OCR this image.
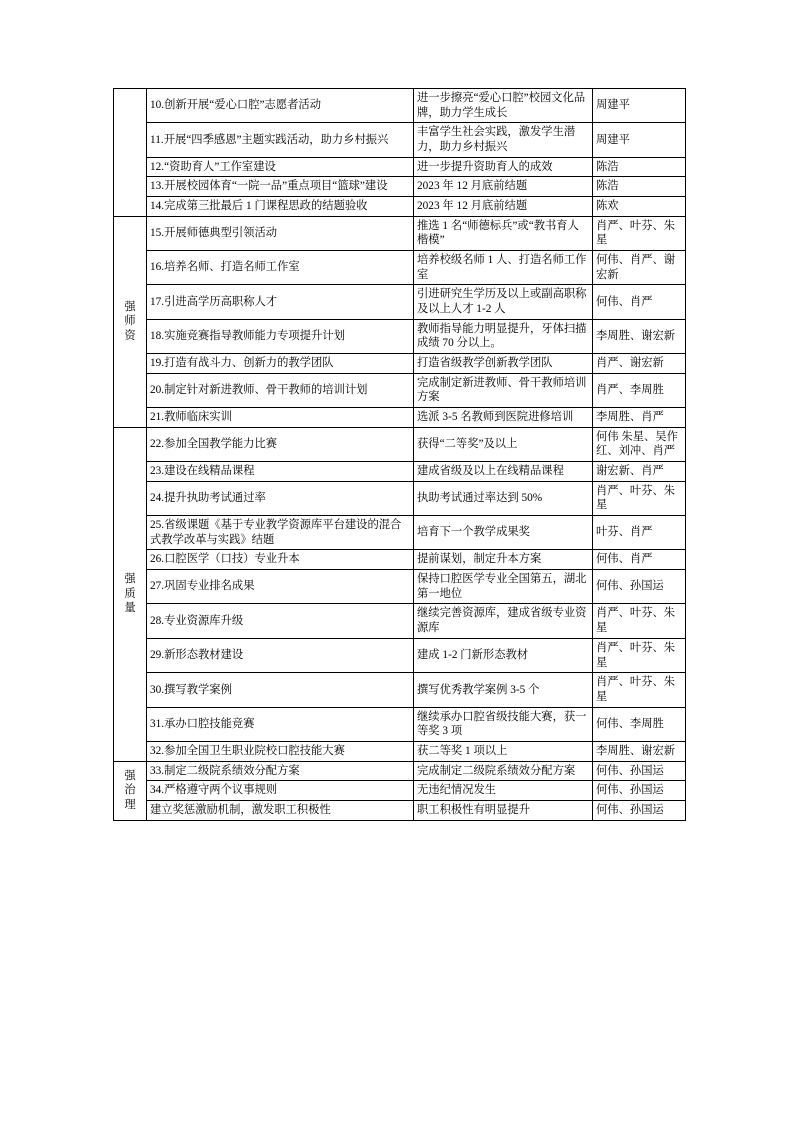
	10.创新开展“爱心口腔”志愿者活动	进一步擦亮“爱心口腔”校园文化品牌，助力学生成长	周建平
	11.开展“四季感恩”主题实践活动，助力乡村振兴	丰富学生社会实践，激发学生潜力，助力乡村振兴	周建平
	12.“资助育人”工作室建设	进一步提升资助育人的成效	陈浩
	13.开展校园体育“一院一品”重点项目“篮球”建设	2023 年 12 月底前结题	陈浩
	14.完成第三批最后 1 门课程思政的结题验收	2023 年 12 月底前结题	陈欢

强
师
资	15.开展师德典型引领活动	推选 1 名“师德标兵”或“教书育人楷模”	肖严、叶芬、朱星
	16.培养名师、打造名师工作室	培养校级名师 1 人、打造名师工作室	何伟、肖严、谢宏新
	17.引进高学历高职称人才	引进研究生学历及以上或副高职称及以上人才 1-2 人	何伟、肖严
	18.实施竞赛指导教师能力专项提升计划	教师指导能力明显提升，牙体扫描成绩 70 分以上。	李周胜、谢宏新
	19.打造有战斗力、创新力的教学团队	打造省级教学创新教学团队	肖严、谢宏新
	20.制定针对新进教师、骨干教师的培训计划	完成制定新进教师、骨干教师培训方案	肖严、李周胜
	21.教师临床实训	选派 3-5 名教师到医院进修培训	李周胜、肖严

强
质
量	22.参加全国教学能力比赛	获得“二等奖”及以上	何伟 朱星、吴作红、刘冲、肖严
	23.建设在线精品课程	建成省级及以上在线精品课程	谢宏新、肖严
	24.提升执助考试通过率	执助考试通过率达到 50%	肖严、叶芬、朱星
	25.省级课题《基于专业教学资源库平台建设的混合式教学改革与实践》结题	培育下一个教学成果奖	叶芬、肖严
	26.口腔医学（口技）专业升本	提前谋划，制定升本方案	何伟、肖严
	27.巩固专业排名成果	保持口腔医学专业全国第五，湖北第一地位	何伟、孙国运
	28.专业资源库升级	继续完善资源库，建成省级专业资源库	肖严、叶芬、朱星
	29.新形态教材建设	建成 1-2 门新形态教材	肖严、叶芬、朱星
	30.撰写教学案例	撰写优秀教学案例 3-5 个	肖严、叶芬、朱星
	31.承办口腔技能竞赛	继续承办口腔省级技能大赛，获一等奖 3 项	何伟、李周胜
	32.参加全国卫生职业院校口腔技能大赛	获二等奖 1 项以上	李周胜、谢宏新

强
治
理	33.制定二级院系绩效分配方案	完成制定二级院系绩效分配方案	何伟、孙国运
	34.严格遵守两个议事规则	无违纪情况发生	何伟、孙国运
	建立奖惩激励机制，激发职工积极性	职工积极性有明显提升	何伟、孙国运
